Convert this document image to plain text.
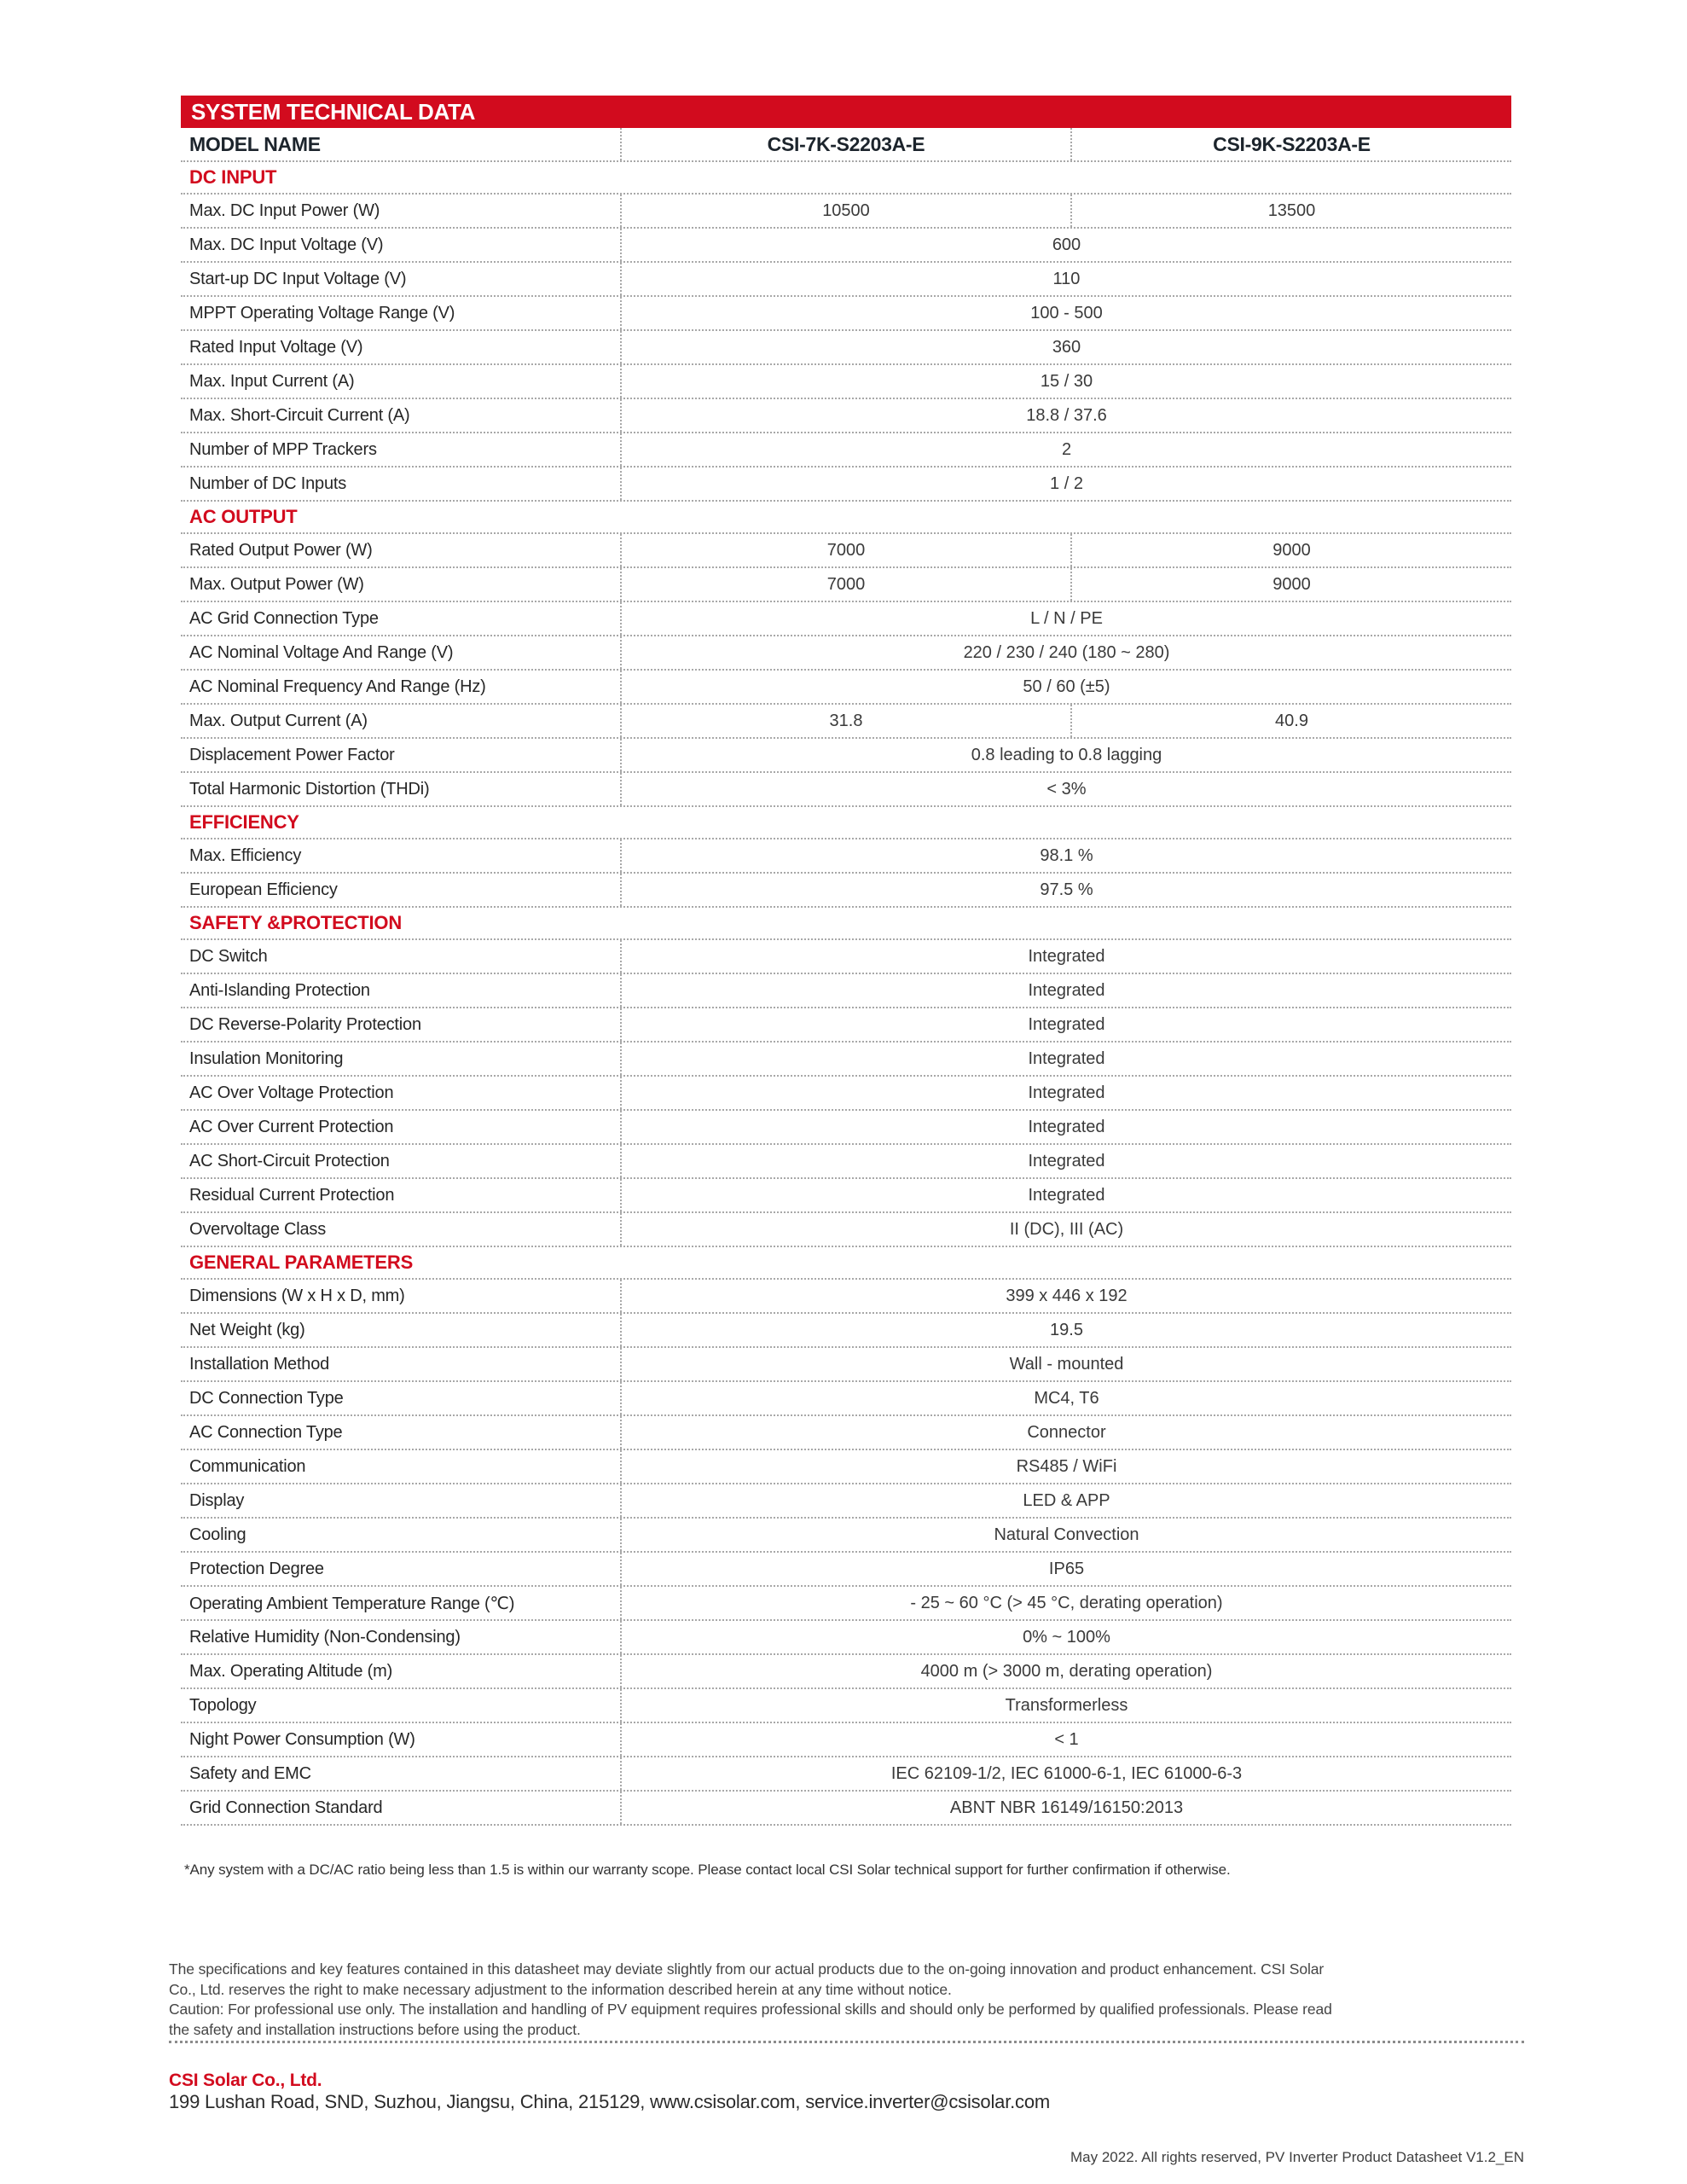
SYSTEM TECHNICAL DATA
MODEL NAME	CSI-7K-S2203A-E	CSI-9K-S2203A-E
DC INPUT
Max. DC Input Power (W)	10500	13500
Max. DC Input Voltage (V)	600
Start-up DC Input Voltage (V)	110
MPPT Operating Voltage Range (V)	100 - 500
Rated Input Voltage (V)	360
Max. Input Current (A)	15 / 30
Max. Short-Circuit Current (A)	18.8 / 37.6
Number of MPP Trackers	2
Number of DC Inputs	1 / 2
AC OUTPUT
Rated Output Power (W)	7000	9000
Max. Output Power (W)	7000	9000
AC Grid Connection Type	L / N / PE
AC Nominal Voltage And Range (V)	220 / 230 / 240 (180 ~ 280)
AC Nominal Frequency And Range (Hz)	50 / 60 (±5)
Max. Output Current (A)	31.8	40.9
Displacement Power Factor	0.8 leading to 0.8 lagging
Total Harmonic Distortion (THDi)	< 3%
EFFICIENCY
Max. Efficiency	98.1 %
European Efficiency	97.5 %
SAFETY &PROTECTION
DC Switch	Integrated
Anti-Islanding Protection	Integrated
DC Reverse-Polarity Protection	Integrated
Insulation Monitoring	Integrated
AC Over Voltage Protection	Integrated
AC Over Current Protection	Integrated
AC Short-Circuit Protection	Integrated
Residual Current Protection	Integrated
Overvoltage Class	II (DC), III (AC)
GENERAL PARAMETERS
Dimensions (W x H x D, mm)	399 x 446 x 192
Net Weight (kg)	19.5
Installation Method	Wall - mounted
DC Connection Type	MC4, T6
AC Connection Type	Connector
Communication	RS485 / WiFi
Display	LED & APP
Cooling	Natural Convection
Protection Degree	IP65
Operating Ambient Temperature Range (℃)	- 25 ~ 60 °C (> 45 °C, derating operation)
Relative Humidity (Non-Condensing)	0% ~ 100%
Max. Operating Altitude (m)	4000 m (> 3000 m, derating operation)
Topology	Transformerless
Night Power Consumption (W)	< 1
Safety and EMC	IEC 62109-1/2, IEC 61000-6-1, IEC 61000-6-3
Grid Connection Standard	ABNT NBR 16149/16150:2013
*Any system with a DC/AC ratio being less than 1.5 is within our warranty scope. Please contact local CSI Solar technical support for further confirmation if otherwise.
The specifications and key features contained in this datasheet may deviate slightly from our actual products due to the on-going innovation and product enhancement. CSI Solar
Co., Ltd. reserves the right to make necessary adjustment to the information described herein at any time without notice.
Caution: For professional use only. The installation and handling of PV equipment requires professional skills and should only be performed by qualified professionals. Please read
the safety and installation instructions before using the product.
CSI Solar Co., Ltd.
199 Lushan Road, SND, Suzhou, Jiangsu, China, 215129, www.csisolar.com, service.inverter@csisolar.com
May 2022. All rights reserved, PV Inverter Product Datasheet V1.2_EN
